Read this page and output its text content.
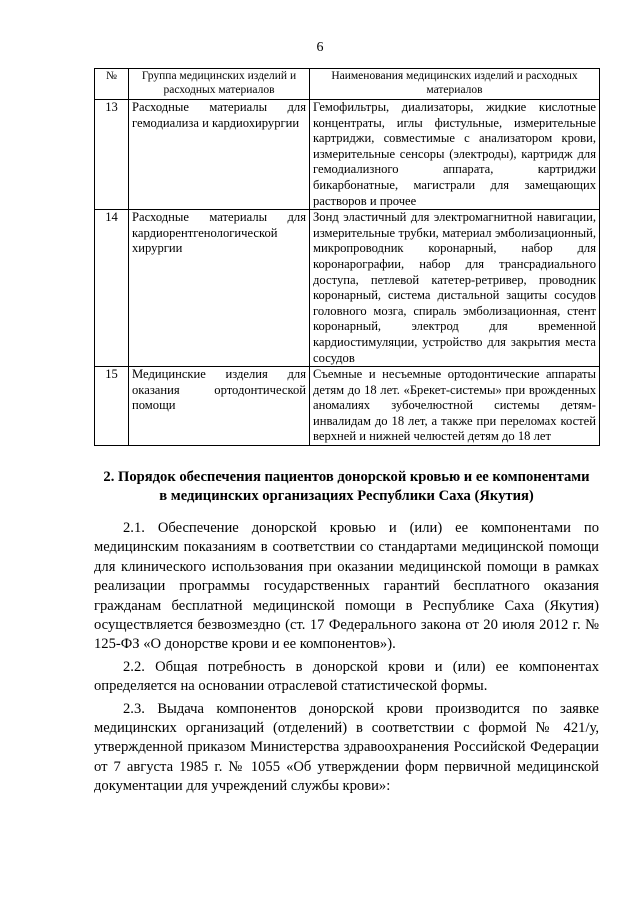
6
№	Группа медицинских изделий и расходных материалов	Наименования медицинских изделий и расходных материалов
13	Расходные материалы для гемодиализа и кардиохирургии	Гемофильтры, диализаторы, жидкие кислотные концентраты, иглы фистульные, измерительные картриджи, совместимые с анализатором крови, измерительные сенсоры (электроды), картридж для гемодиализного аппарата, картриджи бикарбонатные, магистрали для замещающих растворов и прочее
14	Расходные материалы для кардиорентгенологической хирургии	Зонд эластичный для электромагнитной навигации, измерительные трубки, материал эмболизационный, микропроводник коронарный, набор для коронарографии, набор для трансрадиального доступа, петлевой катетер-ретривер, проводник коронарный, система дистальной защиты сосудов головного мозга, спираль эмболизационная, стент коронарный, электрод для временной кардиостимуляции, устройство для закрытия места сосудов
15	Медицинские изделия для оказания ортодонтической помощи	Съемные и несъемные ортодонтические аппараты детям до 18 лет. «Брекет-системы» при врожденных аномалиях зубочелюстной системы детям-инвалидам до 18 лет, а также при переломах костей верхней и нижней челюстей детям до 18 лет
2. Порядок обеспечения пациентов донорской кровью и ее компонентами
в медицинских организациях Республики Саха (Якутия)

2.1. Обеспечение донорской кровью и (или) ее компонентами по медицинским показаниям в соответствии со стандартами медицинской помощи для клинического использования при оказании медицинской помощи в рамках реализации программы государственных гарантий бесплатного оказания гражданам бесплатной медицинской помощи в Республике Саха (Якутия) осуществляется безвозмездно (ст. 17 Федерального закона от 20 июля 2012 г. № 125-ФЗ «О донорстве крови и ее компонентов»).

2.2. Общая потребность в донорской крови и (или) ее компонентах определяется на основании отраслевой статистической формы.

2.3. Выдача компонентов донорской крови производится по заявке медицинских организаций (отделений) в соответствии с формой № 421/у, утвержденной приказом Министерства здравоохранения Российской Федерации от 7 августа 1985 г. № 1055 «Об утверждении форм первичной медицинской документации для учреждений службы крови»:
